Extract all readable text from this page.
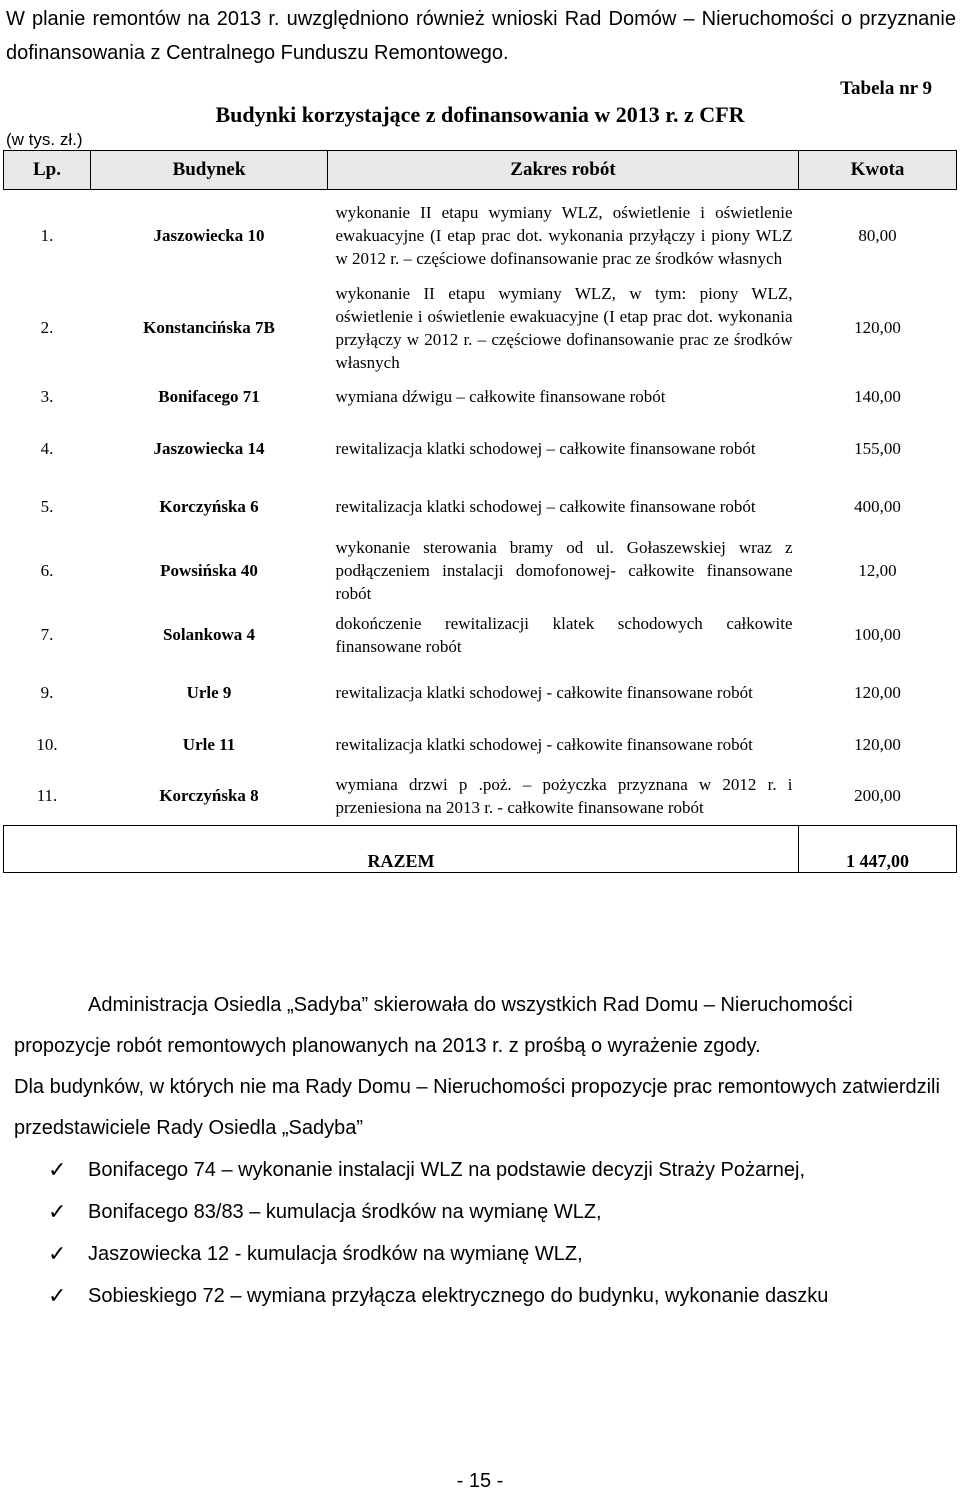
W planie remontów na 2013 r. uwzględniono również wnioski Rad Domów – Nieruchomości o przyznanie dofinansowania z Centralnego Funduszu Remontowego.
Tabela nr 9
Budynki korzystające z dofinansowania w 2013 r. z CFR
(w tys. zł.)
Lp.	Budynek	Zakres robót	Kwota
1.	Jaszowiecka 10	wykonanie II etapu wymiany WLZ, oświetlenie i oświetlenie ewakuacyjne (I etap prac dot. wykonania przyłączy i piony WLZ w 2012 r. – częściowe dofinansowanie prac ze środków własnych	80,00
2.	Konstancińska 7B	wykonanie II etapu wymiany WLZ, w tym: piony WLZ, oświetlenie i oświetlenie ewakuacyjne (I etap prac dot. wykonania przyłączy w 2012 r. – częściowe dofinansowanie prac ze środków własnych	120,00
3.	Bonifacego 71	wymiana dźwigu – całkowite finansowane robót	140,00
4.	Jaszowiecka 14	rewitalizacja klatki schodowej – całkowite finansowane robót	155,00
5.	Korczyńska 6	rewitalizacja klatki schodowej – całkowite finansowane robót	400,00
6.	Powsińska 40	wykonanie sterowania bramy od ul. Gołaszewskiej wraz z podłączeniem instalacji domofonowej- całkowite finansowane robót	12,00
7.	Solankowa 4	dokończenie rewitalizacji klatek schodowych całkowite finansowane robót	100,00
9.	Urle 9	rewitalizacja klatki schodowej - całkowite finansowane robót	120,00
10.	Urle 11	rewitalizacja klatki schodowej - całkowite finansowane robót	120,00
11.	Korczyńska 8	wymiana drzwi p .poż. – pożyczka przyznana w 2012 r. i przeniesiona na 2013 r. - całkowite finansowane robót	200,00
RAZEM			1 447,00

Administracja Osiedla „Sadyba” skierowała do wszystkich Rad Domu – Nieruchomości propozycje robót remontowych planowanych na 2013 r. z prośbą o wyrażenie zgody.

Dla budynków, w których nie ma Rady Domu – Nieruchomości propozycje prac remontowych zatwierdzili przedstawiciele Rady Osiedla „Sadyba”

✓ Bonifacego 74 – wykonanie instalacji WLZ na podstawie decyzji Straży Pożarnej,
✓ Bonifacego 83/83 – kumulacja środków na wymianę WLZ,
✓ Jaszowiecka 12 - kumulacja środków na wymianę WLZ,
✓ Sobieskiego 72 – wymiana przyłącza elektrycznego do budynku, wykonanie daszku
- 15 -
